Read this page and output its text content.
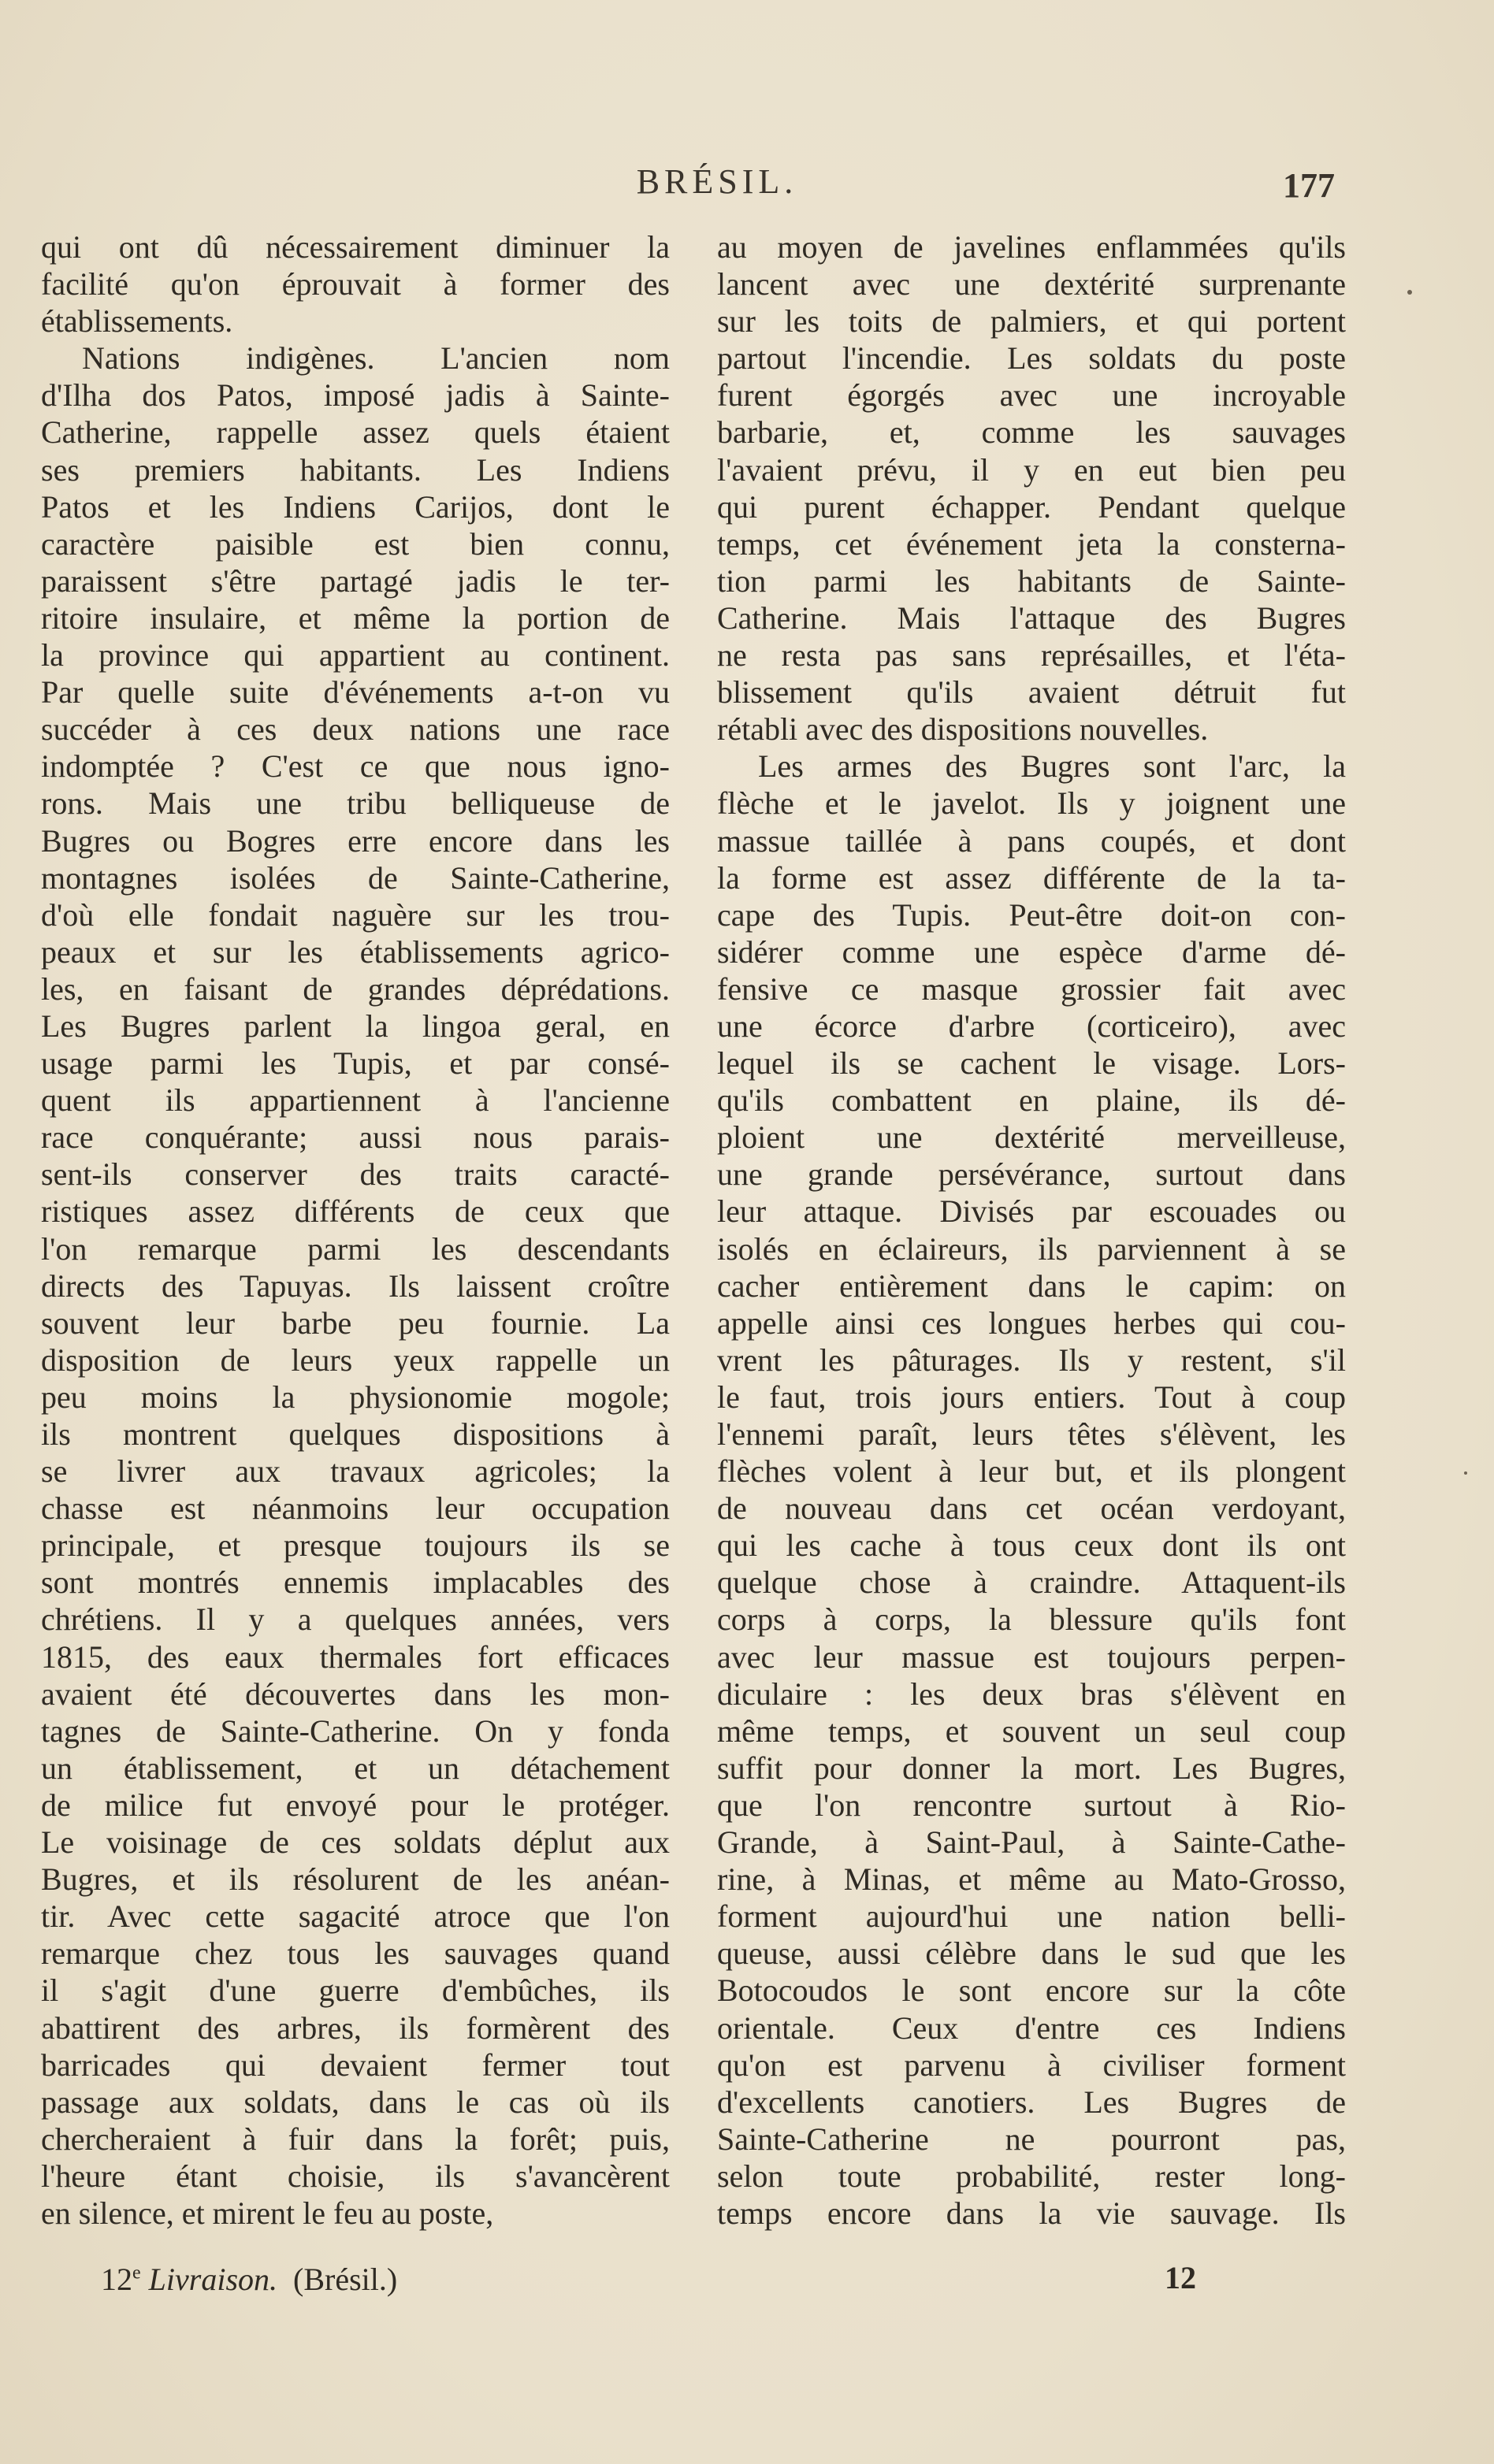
BRÉSIL.	177
qui ont dû nécessairement diminuer la
facilité qu'on éprouvait à former des
établissements.
Nations indigènes. L'ancien nom
d'Ilha dos Patos, imposé jadis à Sainte-
Catherine, rappelle assez quels étaient
ses premiers habitants. Les Indiens
Patos et les Indiens Carijos, dont le
caractère paisible est bien connu,
paraissent s'être partagé jadis le ter-
ritoire insulaire, et même la portion de
la province qui appartient au continent.
Par quelle suite d'événements a-t-on vu
succéder à ces deux nations une race
indomptée ? C'est ce que nous igno-
rons. Mais une tribu belliqueuse de
Bugres ou Bogres erre encore dans les
montagnes isolées de Sainte-Catherine,
d'où elle fondait naguère sur les trou-
peaux et sur les établissements agrico-
les, en faisant de grandes déprédations.
Les Bugres parlent la lingoa geral, en
usage parmi les Tupis, et par consé-
quent ils appartiennent à l'ancienne
race conquérante; aussi nous parais-
sent-ils conserver des traits caracté-
ristiques assez différents de ceux que
l'on remarque parmi les descendants
directs des Tapuyas. Ils laissent croître
souvent leur barbe peu fournie. La
disposition de leurs yeux rappelle un
peu moins la physionomie mogole;
ils montrent quelques dispositions à
se livrer aux travaux agricoles; la
chasse est néanmoins leur occupation
principale, et presque toujours ils se
sont montrés ennemis implacables des
chrétiens. Il y a quelques années, vers
1815, des eaux thermales fort efficaces
avaient été découvertes dans les mon-
tagnes de Sainte-Catherine. On y fonda
un établissement, et un détachement
de milice fut envoyé pour le protéger.
Le voisinage de ces soldats déplut aux
Bugres, et ils résolurent de les anéan-
tir. Avec cette sagacité atroce que l'on
remarque chez tous les sauvages quand
il s'agit d'une guerre d'embûches, ils
abattirent des arbres, ils formèrent des
barricades qui devaient fermer tout
passage aux soldats, dans le cas où ils
chercheraient à fuir dans la forêt; puis,
l'heure étant choisie, ils s'avancèrent
en silence, et mirent le feu au poste,
au moyen de javelines enflammées qu'ils
lancent avec une dextérité surprenante
sur les toits de palmiers, et qui portent
partout l'incendie. Les soldats du poste
furent égorgés avec une incroyable
barbarie, et, comme les sauvages
l'avaient prévu, il y en eut bien peu
qui purent échapper. Pendant quelque
temps, cet événement jeta la consterna-
tion parmi les habitants de Sainte-
Catherine. Mais l'attaque des Bugres
ne resta pas sans représailles, et l'éta-
blissement qu'ils avaient détruit fut
rétabli avec des dispositions nouvelles.
Les armes des Bugres sont l'arc, la
flèche et le javelot. Ils y joignent une
massue taillée à pans coupés, et dont
la forme est assez différente de la ta-
cape des Tupis. Peut-être doit-on con-
sidérer comme une espèce d'arme dé-
fensive ce masque grossier fait avec
une écorce d'arbre (corticeiro), avec
lequel ils se cachent le visage. Lors-
qu'ils combattent en plaine, ils dé-
ploient une dextérité merveilleuse,
une grande persévérance, surtout dans
leur attaque. Divisés par escouades ou
isolés en éclaireurs, ils parviennent à se
cacher entièrement dans le capim: on
appelle ainsi ces longues herbes qui cou-
vrent les pâturages. Ils y restent, s'il
le faut, trois jours entiers. Tout à coup
l'ennemi paraît, leurs têtes s'élèvent, les
flèches volent à leur but, et ils plongent
de nouveau dans cet océan verdoyant,
qui les cache à tous ceux dont ils ont
quelque chose à craindre. Attaquent-ils
corps à corps, la blessure qu'ils font
avec leur massue est toujours perpen-
diculaire : les deux bras s'élèvent en
même temps, et souvent un seul coup
suffit pour donner la mort. Les Bugres,
que l'on rencontre surtout à Rio-
Grande, à Saint-Paul, à Sainte-Cathe-
rine, à Minas, et même au Mato-Grosso,
forment aujourd'hui une nation belli-
queuse, aussi célèbre dans le sud que les
Botocoudos le sont encore sur la côte
orientale. Ceux d'entre ces Indiens
qu'on est parvenu à civiliser forment
d'excellents canotiers. Les Bugres de
Sainte-Catherine ne pourront pas,
selon toute probabilité, rester long-
temps encore dans la vie sauvage. Ils
12e Livraison. (Brésil.)	12
